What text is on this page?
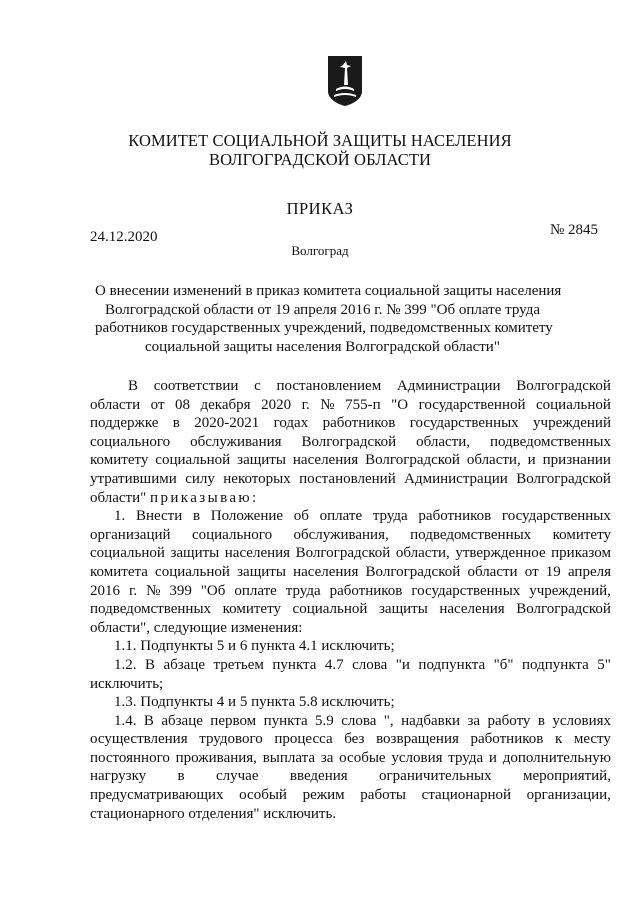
КОМИТЕТ СОЦИАЛЬНОЙ ЗАЩИТЫ НАСЕЛЕНИЯ
ВОЛГОГРАДСКОЙ ОБЛАСТИ
ПРИКАЗ
24.12.2020	№ 2845
Волгоград
О внесении изменений в приказ комитета социальной защиты населения
Волгоградской области от 19 апреля 2016 г. № 399 "Об оплате труда
работников государственных учреждений, подведомственных комитету
социальной защиты населения Волгоградской области"
В соответствии с постановлением Администрации Волгоградской
области от 08 декабря 2020 г. № 755-п "О государственной социальной
поддержке в 2020-2021 годах работников государственных учреждений
социального обслуживания Волгоградской области, подведомственных
комитету социальной защиты населения Волгоградской области, и признании
утратившими силу некоторых постановлений Администрации Волгоградской
области" приказываю:
1. Внести в Положение об оплате труда работников государственных
организаций социального обслуживания, подведомственных комитету
социальной защиты населения Волгоградской области, утвержденное приказом
комитета социальной защиты населения Волгоградской области от 19 апреля
2016 г. № 399 "Об оплате труда работников государственных учреждений,
подведомственных комитету социальной защиты населения Волгоградской
области", следующие изменения:
1.1. Подпункты 5 и 6 пункта 4.1 исключить;
1.2. В абзаце третьем пункта 4.7 слова "и подпункта "б" подпункта 5"
исключить;
1.3. Подпункты 4 и 5 пункта 5.8 исключить;
1.4. В абзаце первом пункта 5.9 слова ", надбавки за работу в условиях
осуществления трудового процесса без возвращения работников к месту
постоянного проживания, выплата за особые условия труда и дополнительную
нагрузку в случае введения ограничительных мероприятий,
предусматривающих особый режим работы стационарной организации,
стационарного отделения" исключить.
